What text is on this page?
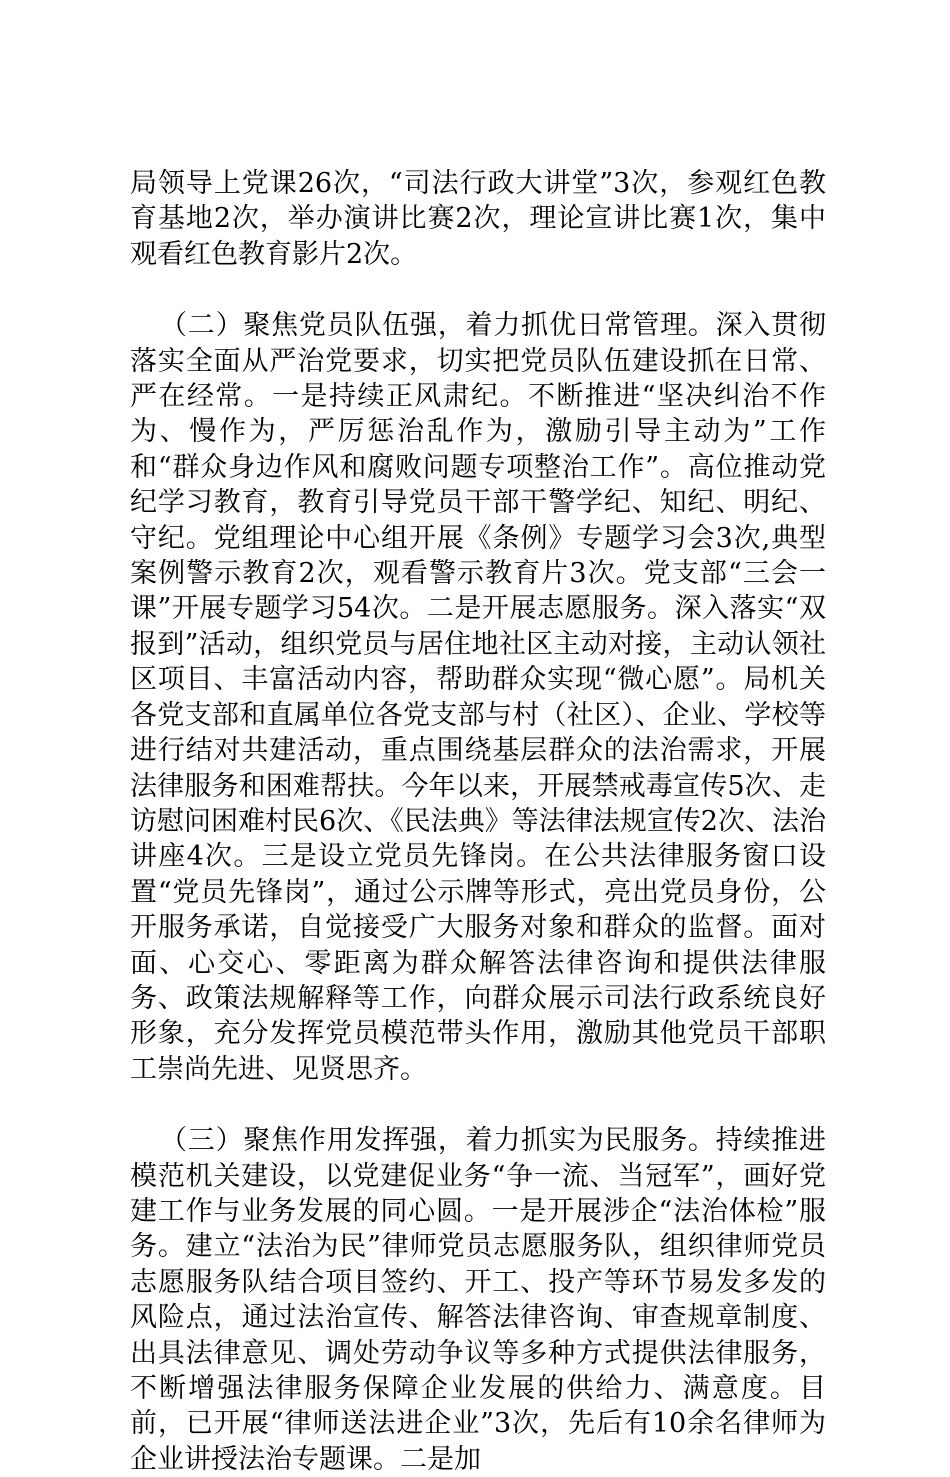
局领导上党课26次，“司法行政大讲堂”3次，参观红色教育基地2次，举办演讲比赛2次，理论宣讲比赛1次，集中观看红色教育影片2次。

（二）聚焦党员队伍强，着力抓优日常管理。深入贯彻落实全面从严治党要求，切实把党员队伍建设抓在日常、严在经常。一是持续正风肃纪。不断推进“坚决纠治不作为、慢作为，严厉惩治乱作为，激励引导主动为”工作和“群众身边作风和腐败问题专项整治工作”。高位推动党纪学习教育，教育引导党员干部干警学纪、知纪、明纪、守纪。党组理论中心组开展《条例》专题学习会3次,典型案例警示教育2次，观看警示教育片3次。党支部“三会一课”开展专题学习54次。二是开展志愿服务。深入落实“双报到”活动，组织党员与居住地社区主动对接，主动认领社区项目、丰富活动内容，帮助群众实现“微心愿”。局机关各党支部和直属单位各党支部与村（社区）、企业、学校等进行结对共建活动，重点围绕基层群众的法治需求，开展法律服务和困难帮扶。今年以来，开展禁戒毒宣传5次、走访慰问困难村民6次、《民法典》等法律法规宣传2次、法治讲座4次。三是设立党员先锋岗。在公共法律服务窗口设置“党员先锋岗”，通过公示牌等形式，亮出党员身份，公开服务承诺，自觉接受广大服务对象和群众的监督。面对面、心交心、零距离为群众解答法律咨询和提供法律服务、政策法规解释等工作，向群众展示司法行政系统良好形象，充分发挥党员模范带头作用，激励其他党员干部职工崇尚先进、见贤思齐。

（三）聚焦作用发挥强，着力抓实为民服务。持续推进模范机关建设，以党建促业务“争一流、当冠军”，画好党建工作与业务发展的同心圆。一是开展涉企“法治体检”服务。建立“法治为民”律师党员志愿服务队，组织律师党员志愿服务队结合项目签约、开工、投产等环节易发多发的风险点，通过法治宣传、解答法律咨询、审查规章制度、出具法律意见、调处劳动争议等多种方式提供法律服务，不断增强法律服务保障企业发展的供给力、满意度。目前，已开展“律师送法进企业”3次，先后有10余名律师为企业讲授法治专题课。二是加
